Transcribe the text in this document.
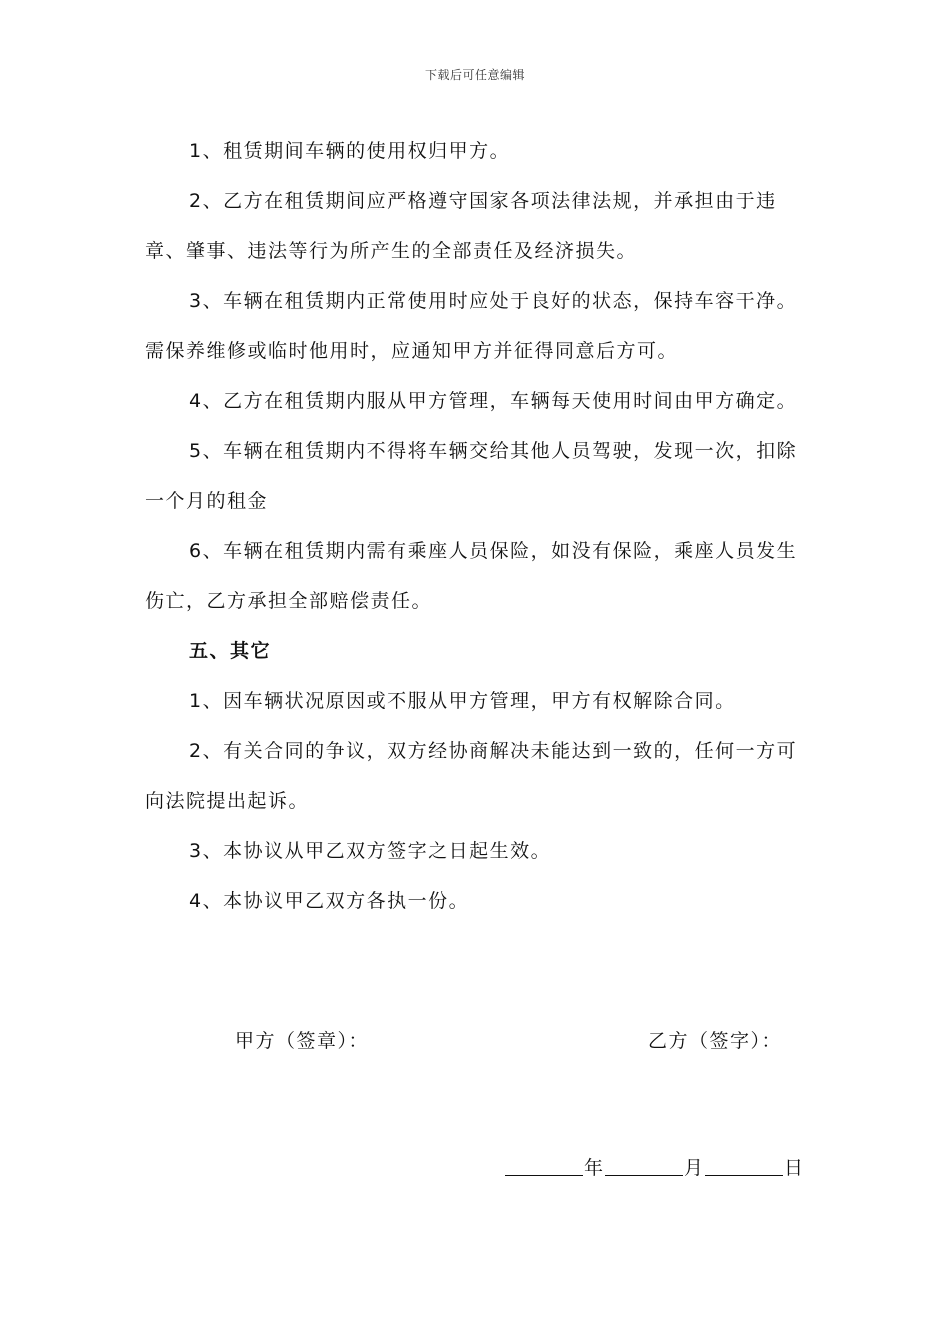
下载后可任意编辑

1、租赁期间车辆的使用权归甲方。

2、乙方在租赁期间应严格遵守国家各项法律法规，并承担由于违章、肇事、违法等行为所产生的全部责任及经济损失。

3、车辆在租赁期内正常使用时应处于良好的状态，保持车容干净。需保养维修或临时他用时，应通知甲方并征得同意后方可。

4、乙方在租赁期内服从甲方管理，车辆每天使用时间由甲方确定。

5、车辆在租赁期内不得将车辆交给其他人员驾驶，发现一次，扣除一个月的租金

6、车辆在租赁期内需有乘座人员保险，如没有保险，乘座人员发生伤亡，乙方承担全部赔偿责任。

五、其它

1、因车辆状况原因或不服从甲方管理，甲方有权解除合同。

2、有关合同的争议，双方经协商解决未能达到一致的，任何一方可向法院提出起诉。

3、本协议从甲乙双方签字之日起生效。

4、本协议甲乙双方各执一份。

甲方（签章）：	乙方（签字）：
年	月	日
